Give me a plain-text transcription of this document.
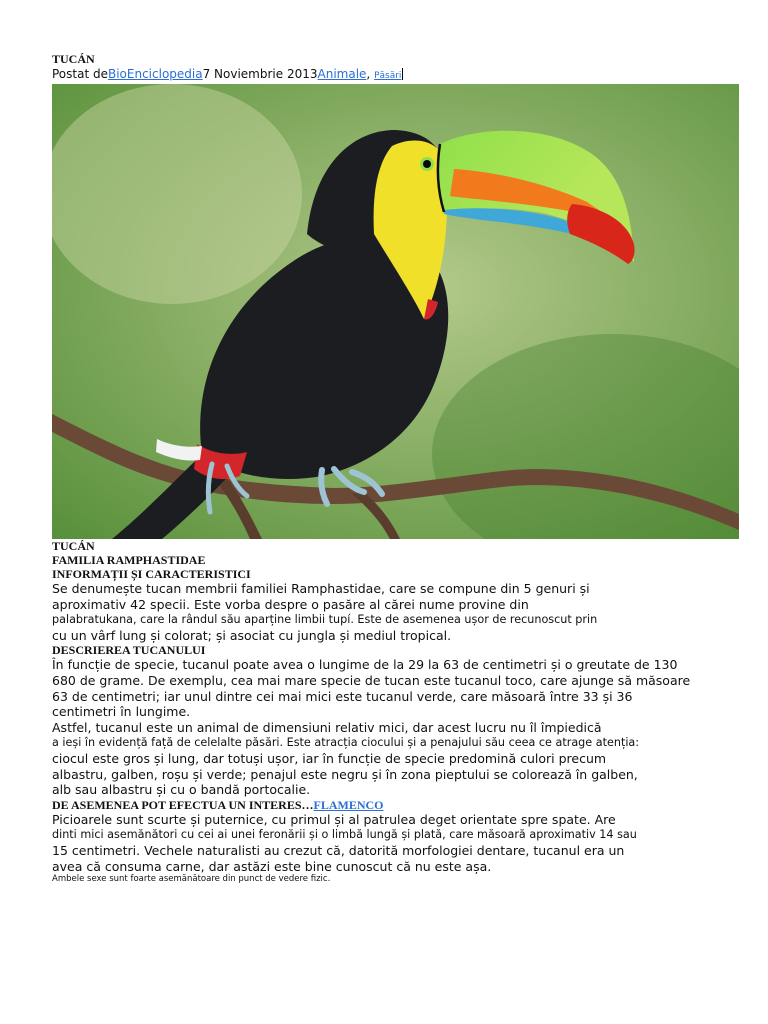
TUCÁN
Postat deBioEnciclopedia7 Noviembrie 2013Animale, Păsări

TUCÁN

FAMILIA RAMPHASTIDAE

INFORMAȚII ȘI CARACTERISTICI

Se denumește tucan membrii familiei Ramphastidae, care se compune din 5 genuri și

aproximativ 42 specii. Este vorba despre o pasăre al cărei nume provine din

palabratukana, care la rândul său aparține limbii tupí. Este de asemenea ușor de recunoscut prin

cu un vârf lung și colorat; și asociat cu jungla și mediul tropical.

DESCRIEREA TUCANULUI

În funcție de specie, tucanul poate avea o lungime de la 29 la 63 de centimetri și o greutate de 130

680 de grame. De exemplu, cea mai mare specie de tucan este tucanul toco, care ajunge să măsoare

63 de centimetri; iar unul dintre cei mai mici este tucanul verde, care măsoară între 33 și 36

centimetri în lungime.

Astfel, tucanul este un animal de dimensiuni relativ mici, dar acest lucru nu îl împiedică

a ieși în evidență față de celelalte păsări. Este atracția ciocului și a penajului său ceea ce atrage atenția:

ciocul este gros și lung, dar totuși ușor, iar în funcție de specie predomină culori precum

albastru, galben, roșu și verde; penajul este negru și în zona pieptului se colorează în galben,

alb sau albastru și cu o bandă portocalie.

DE ASEMENEA POT EFECTUA UN INTERES…FLAMENCO

Picioarele sunt scurte și puternice, cu primul și al patrulea deget orientate spre spate. Are

dinti mici asemănători cu cei ai unei feronării și o limbă lungă și plată, care măsoară aproximativ 14 sau

15 centimetri. Vechele naturalisti au crezut că, datorită morfologiei dentare, tucanul era un

avea că consuma carne, dar astăzi este bine cunoscut că nu este așa.

Ambele sexe sunt foarte asemănătoare din punct de vedere fizic.
